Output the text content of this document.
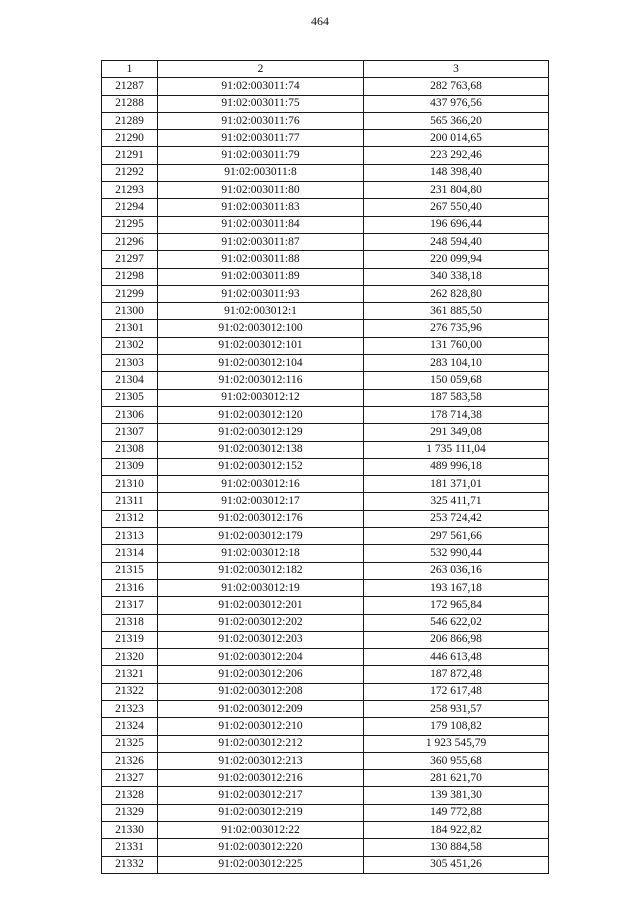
464
1	2	3
21287	91:02:003011:74	282 763,68
21288	91:02:003011:75	437 976,56
21289	91:02:003011:76	565 366,20
21290	91:02:003011:77	200 014,65
21291	91:02:003011:79	223 292,46
21292	91:02:003011:8	148 398,40
21293	91:02:003011:80	231 804,80
21294	91:02:003011:83	267 550,40
21295	91:02:003011:84	196 696,44
21296	91:02:003011:87	248 594,40
21297	91:02:003011:88	220 099,94
21298	91:02:003011:89	340 338,18
21299	91:02:003011:93	262 828,80
21300	91:02:003012:1	361 885,50
21301	91:02:003012:100	276 735,96
21302	91:02:003012:101	131 760,00
21303	91:02:003012:104	283 104,10
21304	91:02:003012:116	150 059,68
21305	91:02:003012:12	187 583,58
21306	91:02:003012:120	178 714,38
21307	91:02:003012:129	291 349,08
21308	91:02:003012:138	1 735 111,04
21309	91:02:003012:152	489 996,18
21310	91:02:003012:16	181 371,01
21311	91:02:003012:17	325 411,71
21312	91:02:003012:176	253 724,42
21313	91:02:003012:179	297 561,66
21314	91:02:003012:18	532 990,44
21315	91:02:003012:182	263 036,16
21316	91:02:003012:19	193 167,18
21317	91:02:003012:201	172 965,84
21318	91:02:003012:202	546 622,02
21319	91:02:003012:203	206 866,98
21320	91:02:003012:204	446 613,48
21321	91:02:003012:206	187 872,48
21322	91:02:003012:208	172 617,48
21323	91:02:003012:209	258 931,57
21324	91:02:003012:210	179 108,82
21325	91:02:003012:212	1 923 545,79
21326	91:02:003012:213	360 955,68
21327	91:02:003012:216	281 621,70
21328	91:02:003012:217	139 381,30
21329	91:02:003012:219	149 772,88
21330	91:02:003012:22	184 922,82
21331	91:02:003012:220	130 884,58
21332	91:02:003012:225	305 451,26
